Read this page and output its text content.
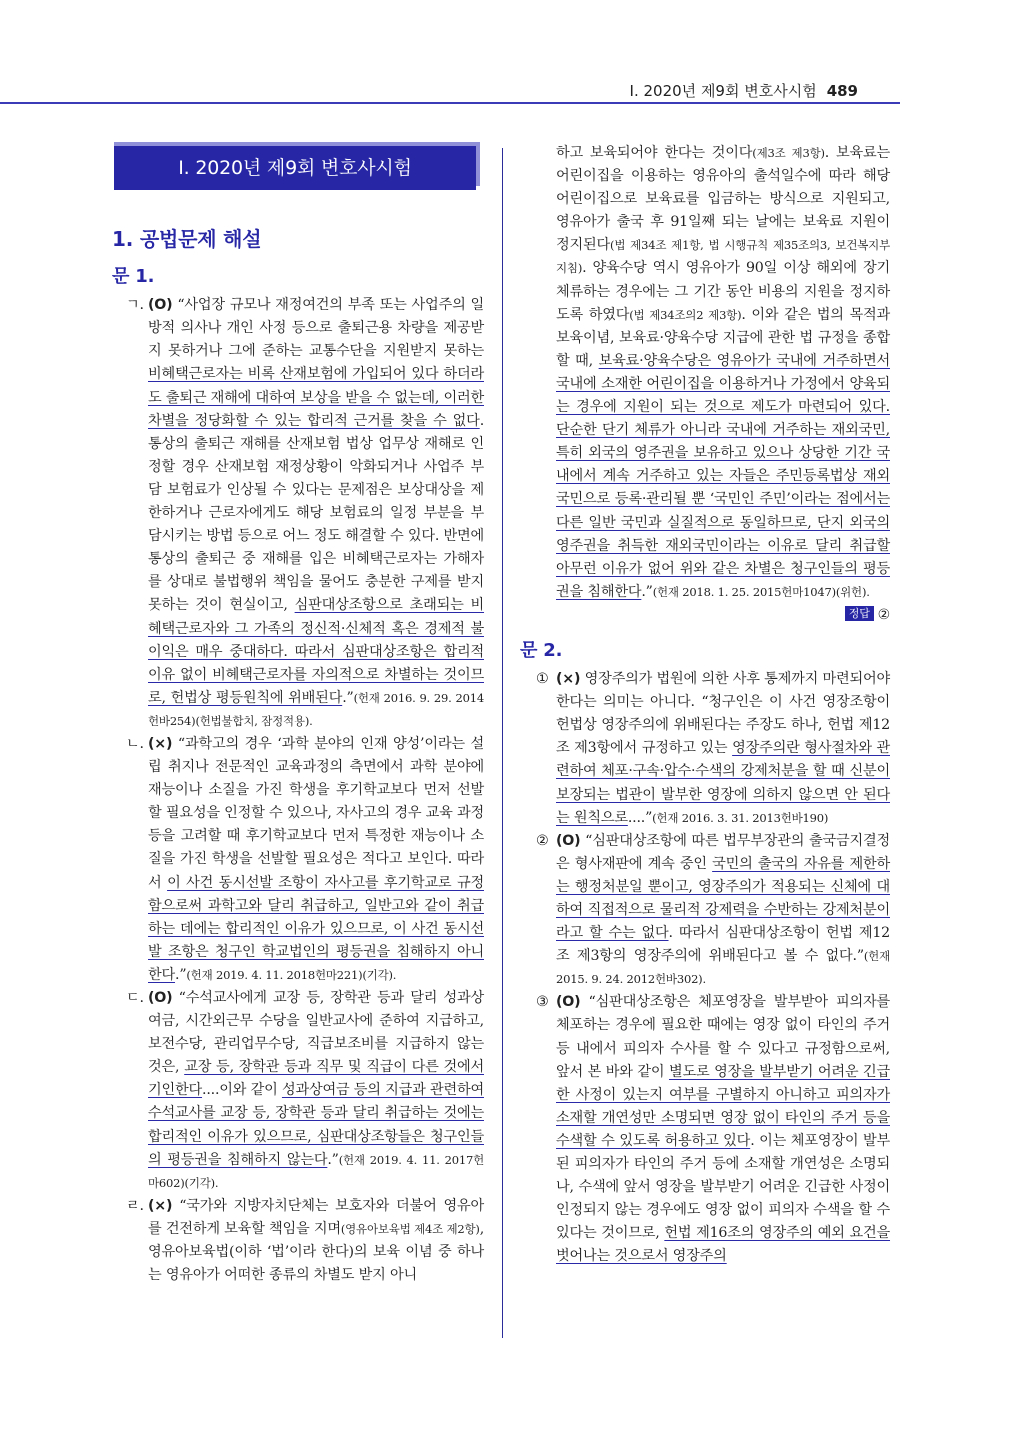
Ⅰ. 2020년 제9회 변호사시험 489
Ⅰ. 2020년 제9회 변호사시험
1. 공법문제 해설
문 1.
ㄱ. (O) “사업장 규모나 재정여건의 부족 또는 사업주의 일방적 의사나 개인 사정 등으로 출퇴근용 차량을 제공받지 못하거나 그에 준하는 교통수단을 지원받지 못하는 비혜택근로자는 비록 산재보험에 가입되어 있다 하더라도 출퇴근 재해에 대하여 보상을 받을 수 없는데, 이러한 차별을 정당화할 수 있는 합리적 근거를 찾을 수 없다. 통상의 출퇴근 재해를 산재보험 법상 업무상 재해로 인정할 경우 산재보험 재정상황이 악화되거나 사업주 부담 보험료가 인상될 수 있다는 문제점은 보상대상을 제한하거나 근로자에게도 해당 보험료의 일정 부분을 부담시키는 방법 등으로 어느 정도 해결할 수 있다. 반면에 통상의 출퇴근 중 재해를 입은 비혜택근로자는 가해자를 상대로 불법행위 책임을 물어도 충분한 구제를 받지 못하는 것이 현실이고, 심판대상조항으로 초래되는 비혜택근로자와 그 가족의 정신적·신체적 혹은 경제적 불이익은 매우 중대하다. 따라서 심판대상조항은 합리적 이유 없이 비혜택근로자를 자의적으로 차별하는 것이므로, 헌법상 평등원칙에 위배된다.”(헌재 2016. 9. 29. 2014헌바254)(헌법불합치, 잠정적용).
ㄴ. (×) “과학고의 경우 ‘과학 분야의 인재 양성’이라는 설립 취지나 전문적인 교육과정의 측면에서 과학 분야에 재능이나 소질을 가진 학생을 후기학교보다 먼저 선발할 필요성을 인정할 수 있으나, 자사고의 경우 교육 과정 등을 고려할 때 후기학교보다 먼저 특정한 재능이나 소질을 가진 학생을 선발할 필요성은 적다고 보인다. 따라서 이 사건 동시선발 조항이 자사고를 후기학교로 규정함으로써 과학고와 달리 취급하고, 일반고와 같이 취급하는 데에는 합리적인 이유가 있으므로, 이 사건 동시선발 조항은 청구인 학교법인의 평등권을 침해하지 아니한다.”(헌재 2019. 4. 11. 2018헌마221)(기각).
ㄷ. (O) “수석교사에게 교장 등, 장학관 등과 달리 성과상여금, 시간외근무 수당을 일반교사에 준하여 지급하고, 보전수당, 관리업무수당, 직급보조비를 지급하지 않는 것은, 교장 등, 장학관 등과 직무 및 직급이 다른 것에서 기인한다....이와 같이 성과상여금 등의 지급과 관련하여 수석교사를 교장 등, 장학관 등과 달리 취급하는 것에는 합리적인 이유가 있으므로, 심판대상조항들은 청구인들의 평등권을 침해하지 않는다.”(헌재 2019. 4. 11. 2017헌마602)(기각).
ㄹ. (×) “국가와 지방자치단체는 보호자와 더불어 영유아를 건전하게 보육할 책임을 지며(영유아보육법 제4조 제2항), 영유아보육법(이하 ‘법’이라 한다)의 보육 이념 중 하나는 영유아가 어떠한 종류의 차별도 받지 아니
하고 보육되어야 한다는 것이다(제3조 제3항). 보육료는 어린이집을 이용하는 영유아의 출석일수에 따라 해당 어린이집으로 보육료를 입금하는 방식으로 지원되고, 영유아가 출국 후 91일째 되는 날에는 보육료 지원이 정지된다(법 제34조 제1항, 법 시행규칙 제35조의3, 보건복지부지침). 양육수당 역시 영유아가 90일 이상 해외에 장기 체류하는 경우에는 그 기간 동안 비용의 지원을 정지하도록 하였다(법 제34조의2 제3항). 이와 같은 법의 목적과 보육이념, 보육료·양육수당 지급에 관한 법 규정을 종합할 때, 보육료·양육수당은 영유아가 국내에 거주하면서 국내에 소재한 어린이집을 이용하거나 가정에서 양육되는 경우에 지원이 되는 것으로 제도가 마련되어 있다. 단순한 단기 체류가 아니라 국내에 거주하는 재외국민, 특히 외국의 영주권을 보유하고 있으나 상당한 기간 국내에서 계속 거주하고 있는 자들은 주민등록법상 재외국민으로 등록·관리될 뿐 ‘국민인 주민’이라는 점에서는 다른 일반 국민과 실질적으로 동일하므로, 단지 외국의 영주권을 취득한 재외국민이라는 이유로 달리 취급할 아무런 이유가 없어 위와 같은 차별은 청구인들의 평등권을 침해한다.”(헌재 2018. 1. 25. 2015헌마1047)(위헌).
정답 ②
문 2.
① (×) 영장주의가 법원에 의한 사후 통제까지 마련되어야 한다는 의미는 아니다. “청구인은 이 사건 영장조항이 헌법상 영장주의에 위배된다는 주장도 하나, 헌법 제12조 제3항에서 규정하고 있는 영장주의란 형사절차와 관련하여 체포·구속·압수·수색의 강제처분을 할 때 신분이 보장되는 법관이 발부한 영장에 의하지 않으면 안 된다는 원칙으로....”(헌재 2016. 3. 31. 2013헌바190)
② (O) “심판대상조항에 따른 법무부장관의 출국금지결정은 형사재판에 계속 중인 국민의 출국의 자유를 제한하는 행정처분일 뿐이고, 영장주의가 적용되는 신체에 대하여 직접적으로 물리적 강제력을 수반하는 강제처분이라고 할 수는 없다. 따라서 심판대상조항이 헌법 제12조 제3항의 영장주의에 위배된다고 볼 수 없다.”(헌재 2015. 9. 24. 2012헌바302).
③ (O) “심판대상조항은 체포영장을 발부받아 피의자를 체포하는 경우에 필요한 때에는 영장 없이 타인의 주거 등 내에서 피의자 수사를 할 수 있다고 규정함으로써, 앞서 본 바와 같이 별도로 영장을 발부받기 어려운 긴급한 사정이 있는지 여부를 구별하지 아니하고 피의자가 소재할 개연성만 소명되면 영장 없이 타인의 주거 등을 수색할 수 있도록 허용하고 있다. 이는 체포영장이 발부된 피의자가 타인의 주거 등에 소재할 개연성은 소명되나, 수색에 앞서 영장을 발부받기 어려운 긴급한 사정이 인정되지 않는 경우에도 영장 없이 피의자 수색을 할 수 있다는 것이므로, 헌법 제16조의 영장주의 예외 요건을 벗어나는 것으로서 영장주의
